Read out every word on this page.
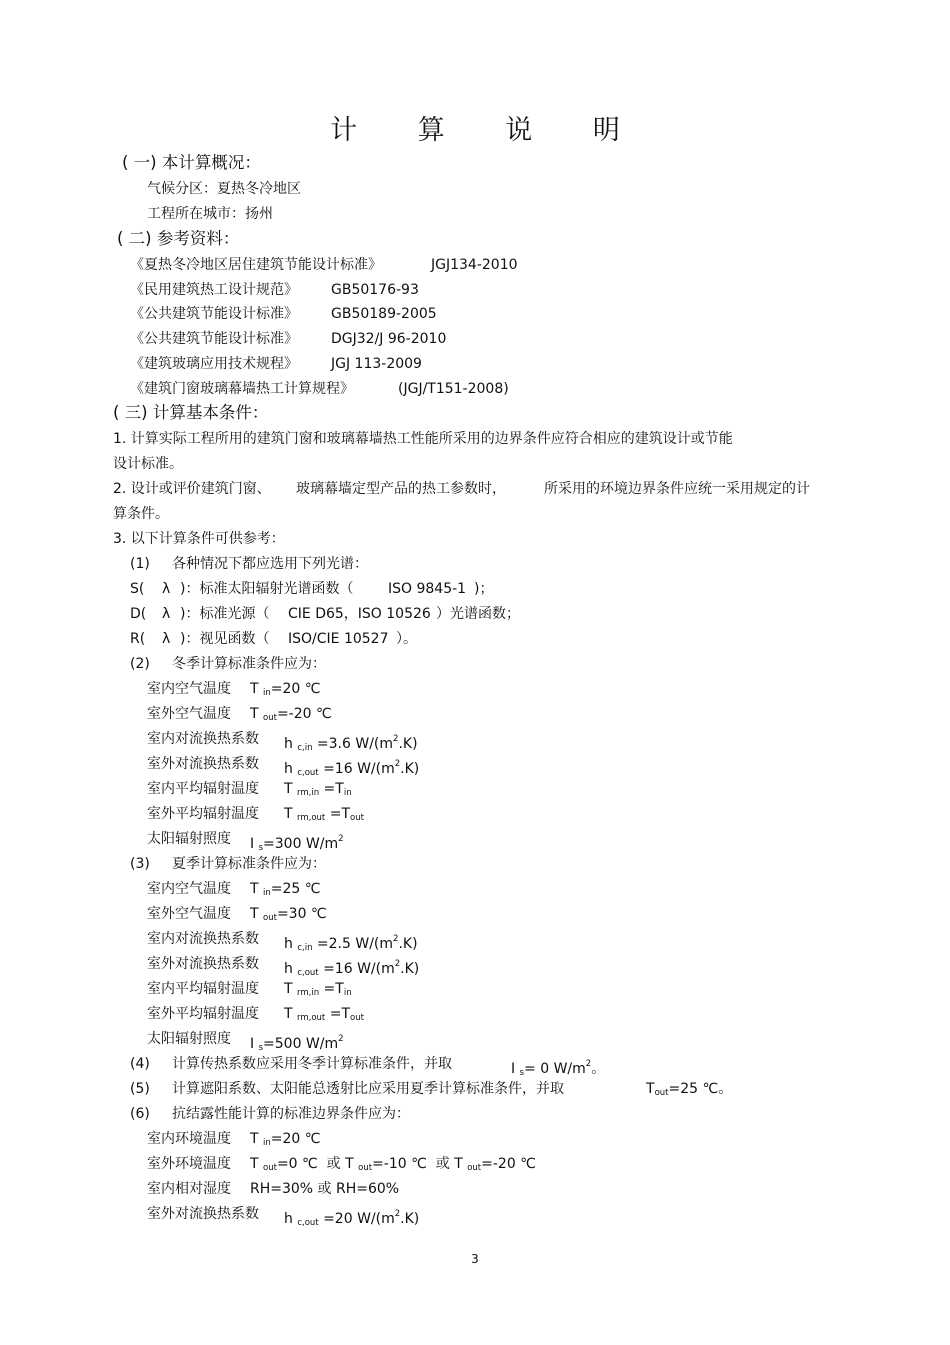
计 算 说 明
( 一) 本计算概况：
气候分区：夏热冬冷地区
工程所在城市：扬州
( 二) 参考资料：
《夏热冬冷地区居住建筑节能设计标准》	JGJ134-2010
《民用建筑热工设计规范》 GB50176-93
《公共建筑节能设计标准》 GB50189-2005
《公共建筑节能设计标准》 DGJ32/J 96-2010
《建筑玻璃应用技术规程》 JGJ 113-2009
《建筑门窗玻璃幕墙热工计算规程》	(JGJ/T151-2008)
( 三) 计算基本条件：
1. 计算实际工程所用的建筑门窗和玻璃幕墙热工性能所采用的边界条件应符合相应的建筑设计或节能
设计标准。
2. 设计或评价建筑门窗、 玻璃幕墙定型产品的热工参数时，	所采用的环境边界条件应统一采用规定的计
算条件。
3. 以下计算条件可供参考：
(1) 各种情况下都应选用下列光谱：
S( λ )：标准太阳辐射光谱函数（ ISO 9845-1 )；
D( λ )：标准光源（ CIE D65，ISO 10526 ）光谱函数；
R( λ )：视见函数（ ISO/CIE 10527 ）。
(2) 冬季计算标准条件应为：
室内空气温度 T $_{in}$=20 ℃
室外空气温度 T $_{out}$=-20 ℃
室内对流换热系数 h $_{c,in}$ =3.6 $W/(m^2.K)$
室外对流换热系数 h $_{c,out}$ =16 $W/(m^2.K)$
室内平均辐射温度 T $_{rm,in} =T_{in}$
室外平均辐射温度 T $_{rm,out} =T_{out}$
太阳辐射照度 I $_s$=300 $W/m^2$
(3) 夏季计算标准条件应为：
室内空气温度 T $_{in}$=25 ℃
室外空气温度 T $_{out}$=30 ℃
室内对流换热系数 h $_{c,in}$ =2.5 $W/(m^2.K)$
室外对流换热系数 h $_{c,out}$ =16 $W/(m^2.K)$
室内平均辐射温度 T $_{rm,in} =T_{in}$
室外平均辐射温度 T $_{rm,out} =T_{out}$
太阳辐射照度 I $_s$=500 $W/m^2$
(4) 计算传热系数应采用冬季计算标准条件，并取	I $_s$= 0 $W/m^2$。
(5) 计算遮阳系数、太阳能总透射比应采用夏季计算标准条件，并取	$T_{out}=25$ ℃。
(6) 抗结露性能计算的标准边界条件应为：
室内环境温度 T $_{in}$=20 ℃
室外环境温度 T $_{out}$=0 ℃ 或 T $_{out}$=-10 ℃ 或 T $_{out}$=-20 ℃
室内相对湿度 RH=30% 或 RH=60%
室外对流换热系数 h $_{c,out}$ =20 $W/(m^2.K)$
3
